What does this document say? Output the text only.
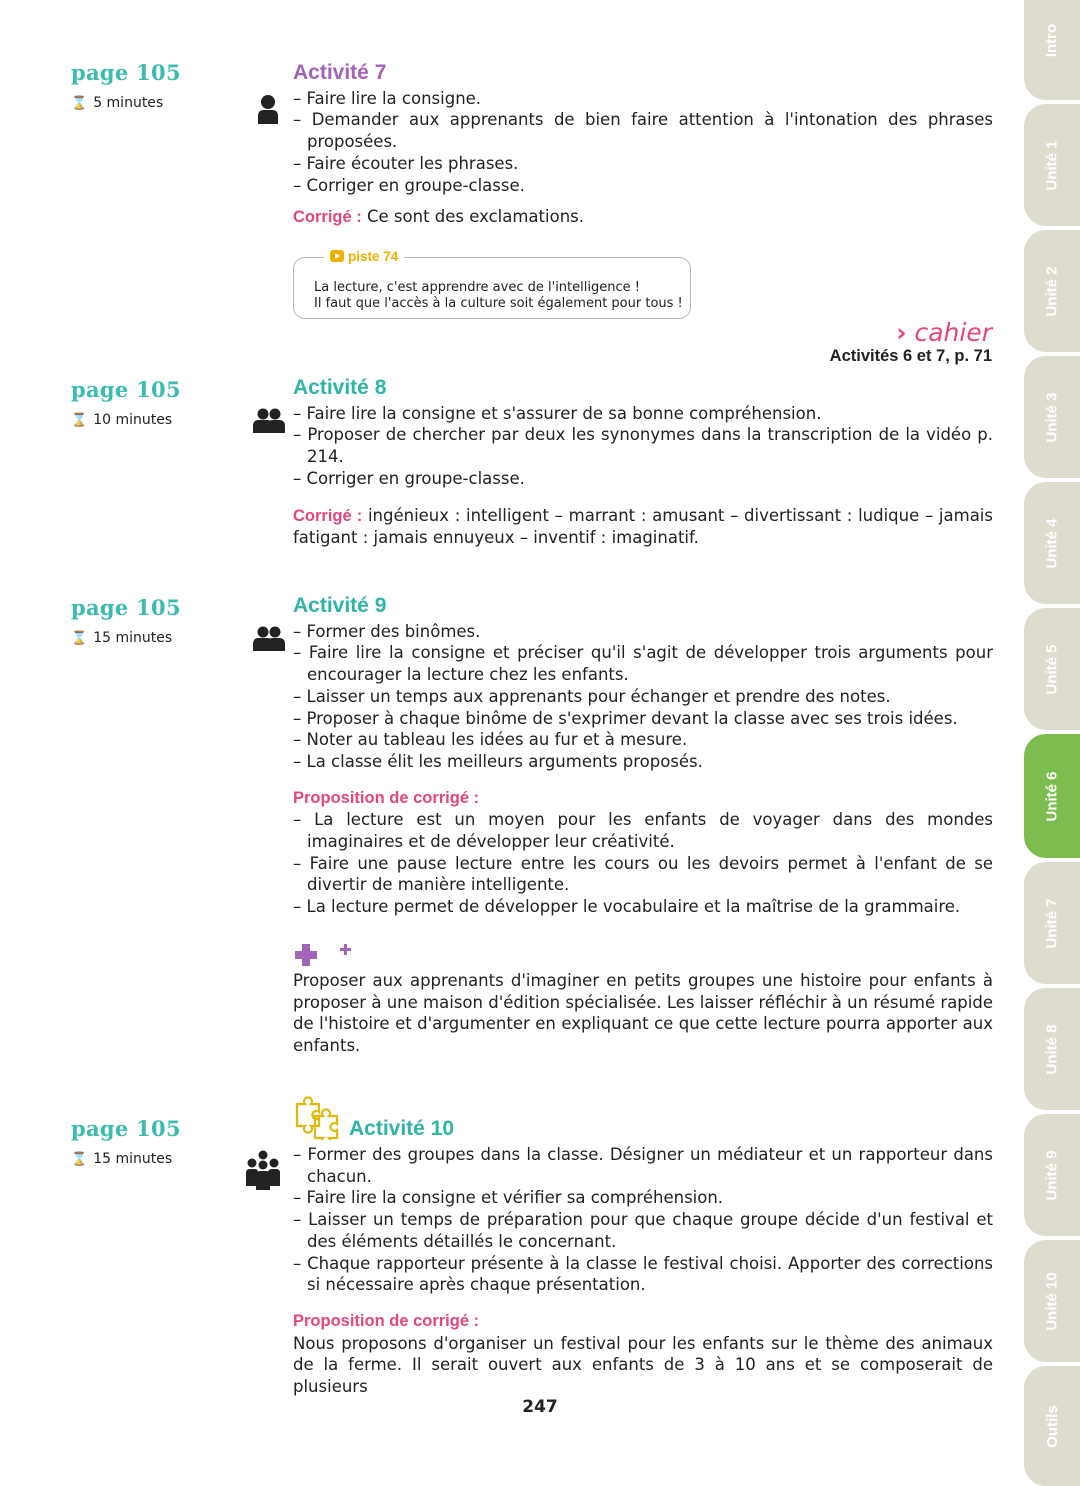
page 105
⌛ 5 minutes
page 105
⌛ 10 minutes
page 105
⌛ 15 minutes
page 105
⌛ 15 minutes
Activité 7
– Faire lire la consigne.
– Demander aux apprenants de bien faire attention à l'intonation des phrases proposées.
– Faire écouter les phrases.
– Corriger en groupe-classe.

Corrigé : Ce sont des exclamations.

piste 74
La lecture, c'est apprendre avec de l'intelligence !
Il faut que l'accès à la culture soit également pour tous !
› cahier
Activités 6 et 7, p. 71
Activité 8
– Faire lire la consigne et s'assurer de sa bonne compréhension.
– Proposer de chercher par deux les synonymes dans la transcription de la vidéo p. 214.
– Corriger en groupe-classe.

Corrigé : ingénieux : intelligent – marrant : amusant – divertissant : ludique – jamais fatigant : jamais ennuyeux – inventif : imaginatif.

Activité 9
– Former des binômes.
– Faire lire la consigne et préciser qu'il s'agit de développer trois arguments pour encourager la lecture chez les enfants.
– Laisser un temps aux apprenants pour échanger et prendre des notes.
– Proposer à chaque binôme de s'exprimer devant la classe avec ses trois idées.
– Noter au tableau les idées au fur et à mesure.
– La classe élit les meilleurs arguments proposés.
Proposition de corrigé :
– La lecture est un moyen pour les enfants de voyager dans des mondes imaginaires et de développer leur créativité.
– Faire une pause lecture entre les cours ou les devoirs permet à l'enfant de se divertir de manière intelligente.
– La lecture permet de développer le vocabulaire et la maîtrise de la grammaire.

Proposer aux apprenants d'imaginer en petits groupes une histoire pour enfants à proposer à une maison d'édition spécialisée. Les laisser réfléchir à un résumé rapide de l'histoire et d'argumenter en expliquant ce que cette lecture pourra apporter aux enfants.

Activité 10
– Former des groupes dans la classe. Désigner un médiateur et un rapporteur dans chacun.
– Faire lire la consigne et vérifier sa compréhension.
– Laisser un temps de préparation pour que chaque groupe décide d'un festival et des éléments détaillés le concernant.
– Chaque rapporteur présente à la classe le festival choisi. Apporter des corrections si nécessaire après chaque présentation.
Proposition de corrigé :

Nous proposons d'organiser un festival pour les enfants sur le thème des animaux de la ferme. Il serait ouvert aux enfants de 3 à 10 ans et se composerait de plusieurs

247
Intro
Unité 1
Unité 2
Unité 3
Unité 4
Unité 5
Unité 6
Unité 7
Unité 8
Unité 9
Unité 10
Outils
